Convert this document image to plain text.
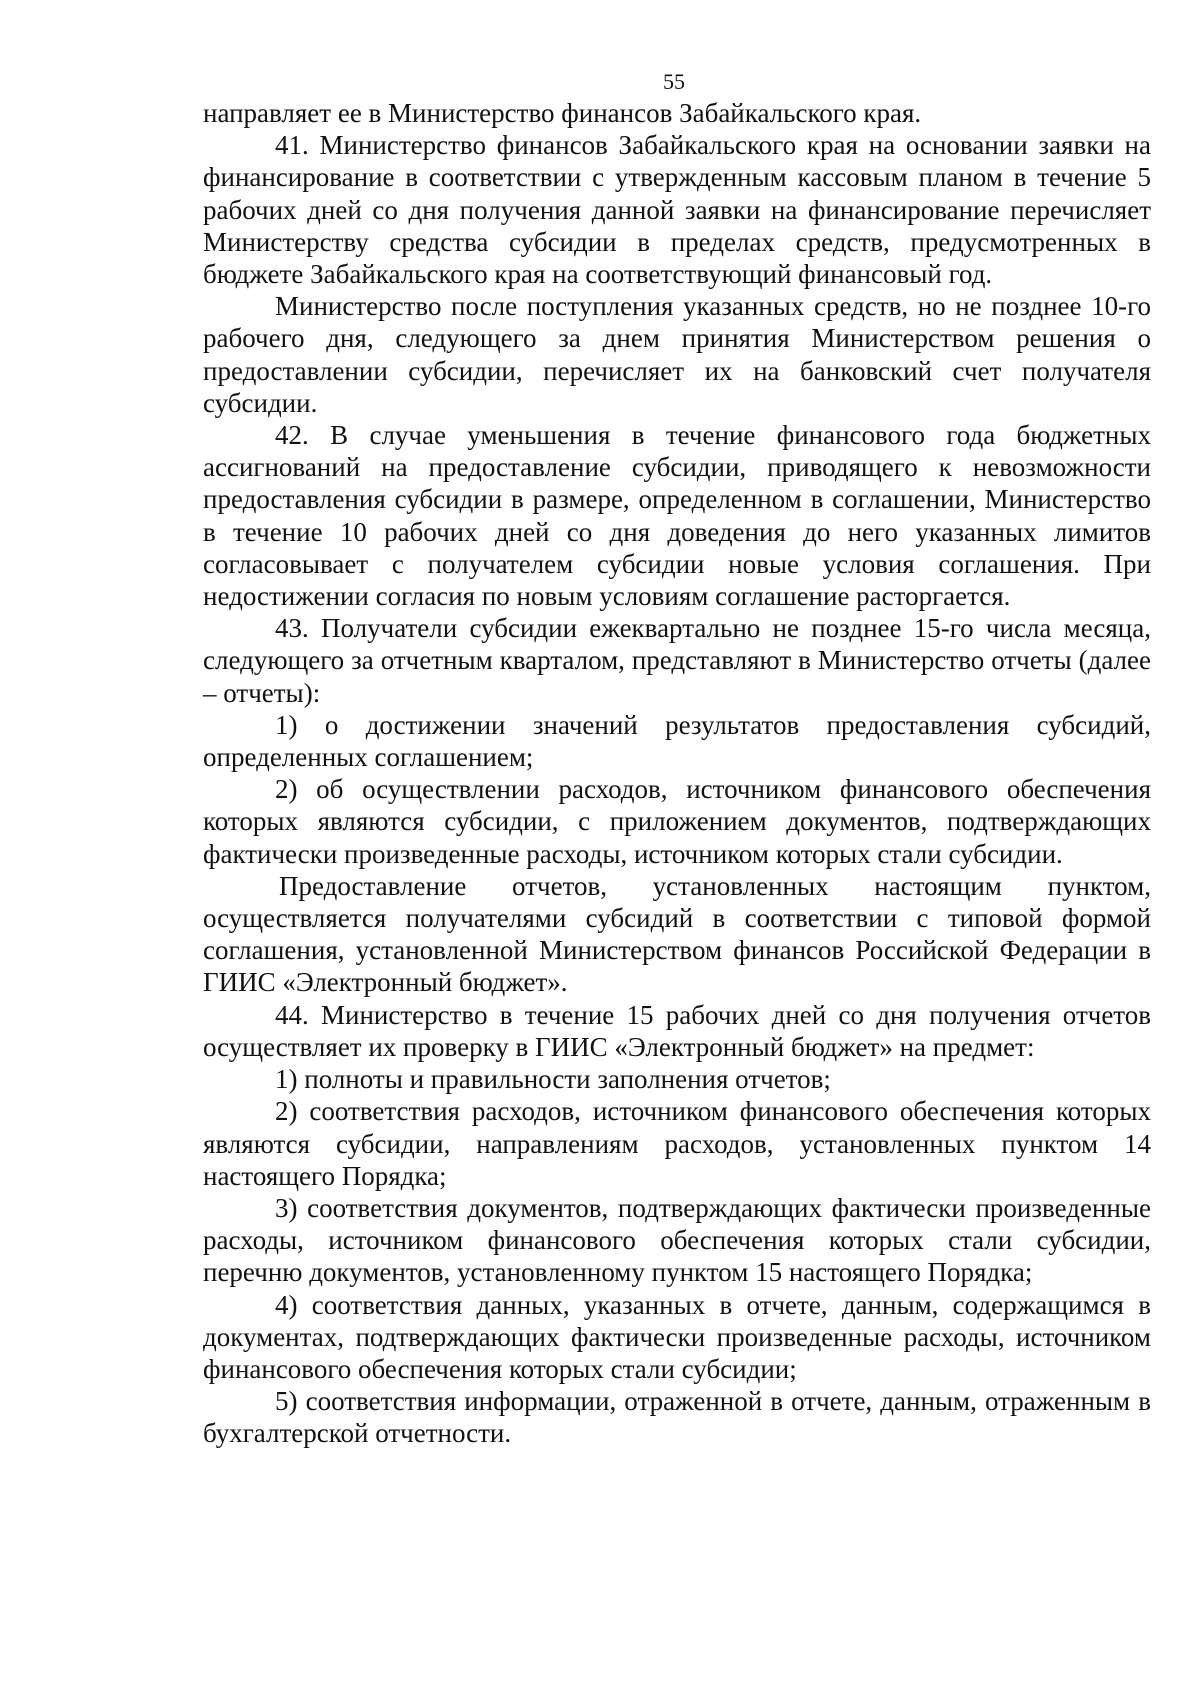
55

направляет ее в Министерство финансов Забайкальского края.

41. Министерство финансов Забайкальского края на основании заявки на финансирование в соответствии с утвержденным кассовым планом в течение 5 рабочих дней со дня получения данной заявки на финансирование перечисляет Министерству средства субсидии в пределах средств, предусмотренных в бюджете Забайкальского края на соответствующий финансовый год.

Министерство после поступления указанных средств, но не позднее 10-го рабочего дня, следующего за днем принятия Министерством решения о предоставлении субсидии, перечисляет их на банковский счет получателя субсидии.

42. В случае уменьшения в течение финансового года бюджетных ассигнований на предоставление субсидии, приводящего к невозможности предоставления субсидии в размере, определенном в соглашении, Министерство в течение 10 рабочих дней со дня доведения до него указанных лимитов согласовывает с получателем субсидии новые условия соглашения. При недостижении согласия по новым условиям соглашение расторгается.

43. Получатели субсидии ежеквартально не позднее 15-го числа месяца, следующего за отчетным кварталом, представляют в Министерство отчеты (далее – отчеты):

1) о достижении значений результатов предоставления субсидий, определенных соглашением;

2) об осуществлении расходов, источником финансового обеспечения которых являются субсидии, с приложением документов, подтверждающих фактически произведенные расходы, источником которых стали субсидии.

Предоставление отчетов, установленных настоящим пунктом, осуществляется получателями субсидий в соответствии с типовой формой соглашения, установленной Министерством финансов Российской Федерации в ГИИС «Электронный бюджет».

44. Министерство в течение 15 рабочих дней со дня получения отчетов осуществляет их проверку в ГИИС «Электронный бюджет» на предмет:

1) полноты и правильности заполнения отчетов;

2) соответствия расходов, источником финансового обеспечения которых являются субсидии, направлениям расходов, установленных пунктом 14 настоящего Порядка;

3) соответствия документов, подтверждающих фактически произведенные расходы, источником финансового обеспечения которых стали субсидии, перечню документов, установленному пунктом 15 настоящего Порядка;

4) соответствия данных, указанных в отчете, данным, содержащимся в документах, подтверждающих фактически произведенные расходы, источником финансового обеспечения которых стали субсидии;

5) соответствия информации, отраженной в отчете, данным, отраженным в бухгалтерской отчетности.
